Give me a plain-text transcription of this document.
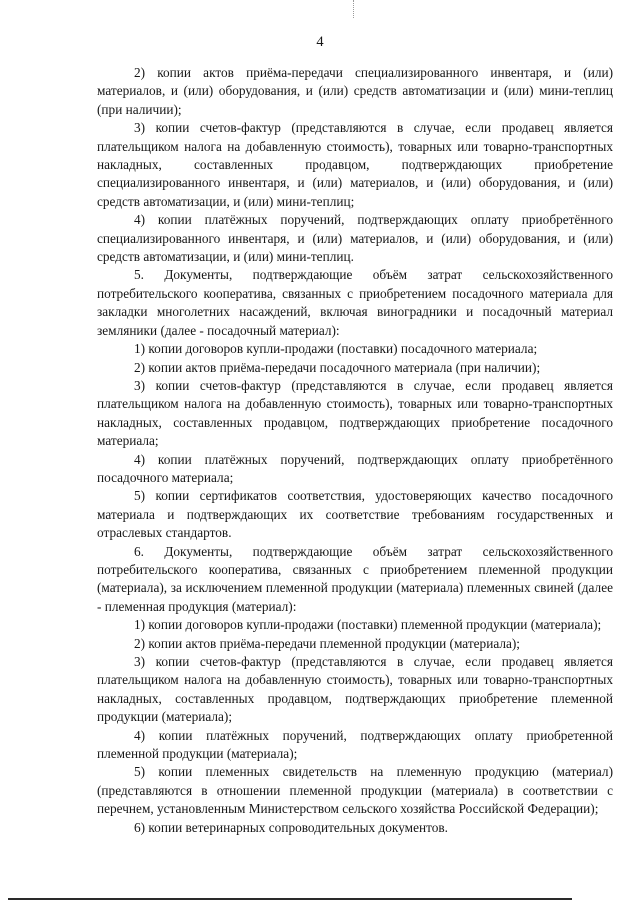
4

2) копии актов приёма-передачи специализированного инвентаря, и (или) материалов, и (или) оборудования, и (или) средств автоматизации и (или) мини-теплиц (при наличии);

3) копии счетов-фактур (представляются в случае, если продавец является плательщиком налога на добавленную стоимость), товарных или товарно-транспортных накладных, составленных продавцом, подтверждающих приобретение специализированного инвентаря, и (или) материалов, и (или) оборудования, и (или) средств автоматизации, и (или) мини-теплиц;

4) копии платёжных поручений, подтверждающих оплату приобретённого специализированного инвентаря, и (или) материалов, и (или) оборудования, и (или) средств автоматизации, и (или) мини-теплиц.

5. Документы, подтверждающие объём затрат сельскохозяйственного потребительского кооператива, связанных с приобретением посадочного материала для закладки многолетних насаждений, включая виноградники и посадочный материал земляники (далее - посадочный материал):

1) копии договоров купли-продажи (поставки) посадочного материала;

2) копии актов приёма-передачи посадочного материала (при наличии);

3) копии счетов-фактур (представляются в случае, если продавец является плательщиком налога на добавленную стоимость), товарных или товарно-транспортных накладных, составленных продавцом, подтверждающих приобретение посадочного материала;

4) копии платёжных поручений, подтверждающих оплату приобретённого посадочного материала;

5) копии сертификатов соответствия, удостоверяющих качество посадочного материала и подтверждающих их соответствие требованиям государственных и отраслевых стандартов.

6. Документы, подтверждающие объём затрат сельскохозяйственного потребительского кооператива, связанных с приобретением племенной продукции (материала), за исключением племенной продукции (материала) племенных свиней (далее - племенная продукция (материал):

1) копии договоров купли-продажи (поставки) племенной продукции (материала);

2) копии актов приёма-передачи племенной продукции (материала);

3) копии счетов-фактур (представляются в случае, если продавец является плательщиком налога на добавленную стоимость), товарных или товарно-транспортных накладных, составленных продавцом, подтверждающих приобретение племенной продукции (материала);

4) копии платёжных поручений, подтверждающих оплату приобретенной племенной продукции (материала);

5) копии племенных свидетельств на племенную продукцию (материал) (представляются в отношении племенной продукции (материала) в соответствии с перечнем, установленным Министерством сельского хозяйства Российской Федерации);

6) копии ветеринарных сопроводительных документов.
